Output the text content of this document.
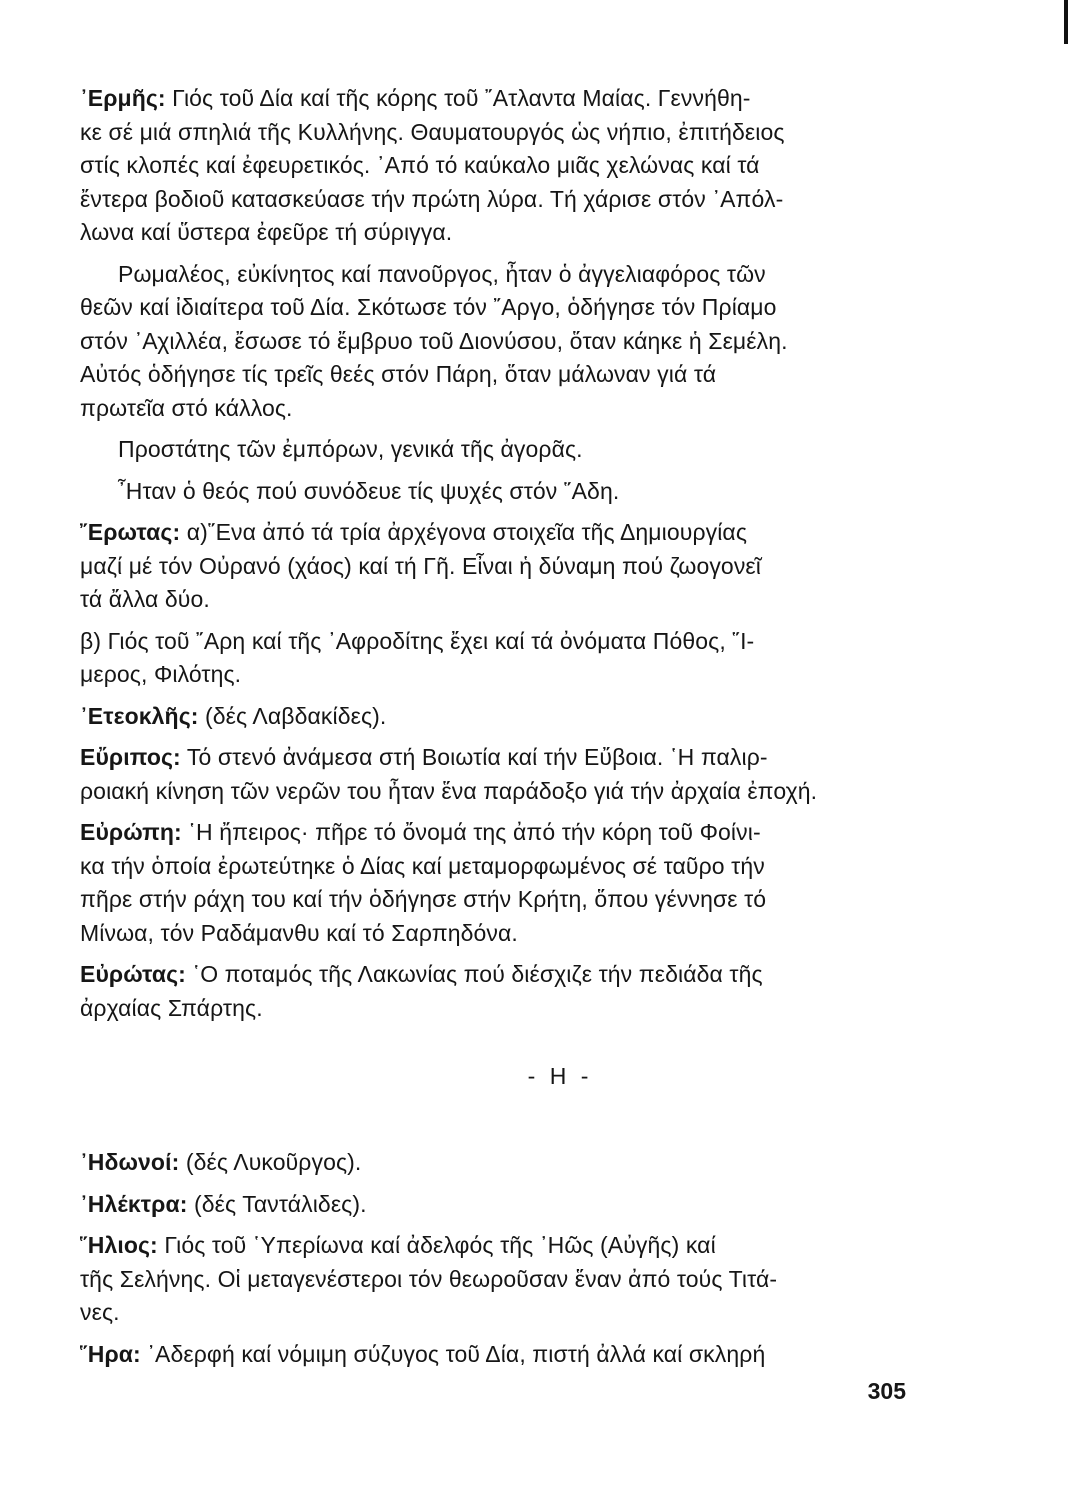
᾿Ερμῆς: Γιός τοῦ Δία καί τῆς κόρης τοῦ ῎Ατλαντα Μαίας. Γεννήθη-
κε σέ μιά σπηλιά τῆς Κυλλήνης. Θαυματουργός ὡς νήπιο, ἐπιτήδειος
στίς κλοπές καί ἐφευρετικός. ᾿Από τό καύκαλο μιᾶς χελώνας καί τά
ἔντερα βοδιοῦ κατασκεύασε τήν πρώτη λύρα. Τή χάρισε στόν ᾿Απόλ-
λωνα καί ὕστερα ἐφεῦρε τή σύριγγα.
Ρωμαλέος, εὐκίνητος καί πανοῦργος, ἦταν ὁ ἀγγελιαφόρος τῶν
θεῶν καί ἰδιαίτερα τοῦ Δία. Σκότωσε τόν ῎Αργο, ὁδήγησε τόν Πρίαμο
στόν ᾿Αχιλλέα, ἔσωσε τό ἔμβρυο τοῦ Διονύσου, ὅταν κάηκε ἡ Σεμέλη.
Αὐτός ὁδήγησε τίς τρεῖς θεές στόν Πάρη, ὅταν μάλωναν γιά τά
πρωτεῖα στό κάλλος.
Προστάτης τῶν ἐμπόρων, γενικά τῆς ἀγορᾶς.
῏Ηταν ὁ θεός πού συνόδευε τίς ψυχές στόν ῞Αδη.
῎Ερωτας: α)῞Ενα ἀπό τά τρία ἀρχέγονα στοιχεῖα τῆς Δημιουργίας
μαζί μέ τόν Οὐρανό (χάος) καί τή Γῆ. Εἶναι ἡ δύναμη πού ζωογονεῖ
τά ἄλλα δύο.
β) Γιός τοῦ ῎Αρη καί τῆς ᾿Αφροδίτης ἔχει καί τά ὀνόματα Πόθος, ῞Ι-
μερος, Φιλότης.
᾿Ετεοκλῆς: (δές Λαβδακίδες).
Εὔριπος: Τό στενό ἀνάμεσα στή Βοιωτία καί τήν Εὔβοια. ῾Η παλιρ-
ροιακή κίνηση τῶν νερῶν του ἦταν ἕνα παράδοξο γιά τήν ἀρχαία ἐποχή.
Εὐρώπη: ῾Η ἤπειρος· πῆρε τό ὄνομά της ἀπό τήν κόρη τοῦ Φοίνι-
κα τήν ὁποία ἐρωτεύτηκε ὁ Δίας καί μεταμορφωμένος σέ ταῦρο τήν
πῆρε στήν ράχη του καί τήν ὁδήγησε στήν Κρήτη, ὅπου γέννησε τό
Μίνωα, τόν Ραδάμανθυ καί τό Σαρπηδόνα.
Εὐρώτας: ῾Ο ποταμός τῆς Λακωνίας πού διέσχιζε τήν πεδιάδα τῆς
ἀρχαίας Σπάρτης.
- Η -
᾿Ηδωνοί: (δές Λυκοῦργος).
᾿Ηλέκτρα: (δές Ταντάλιδες).
῞Ηλιος: Γιός τοῦ ῾Υπερίωνα καί ἀδελφός τῆς ᾿Ηῶς (Αὐγῆς) καί
τῆς Σελήνης. Οἱ μεταγενέστεροι τόν θεωροῦσαν ἕναν ἀπό τούς Τιτά-
νες.
῞Ηρα: ᾿Αδερφή καί νόμιμη σύζυγος τοῦ Δία, πιστή ἀλλά καί σκληρή
305
